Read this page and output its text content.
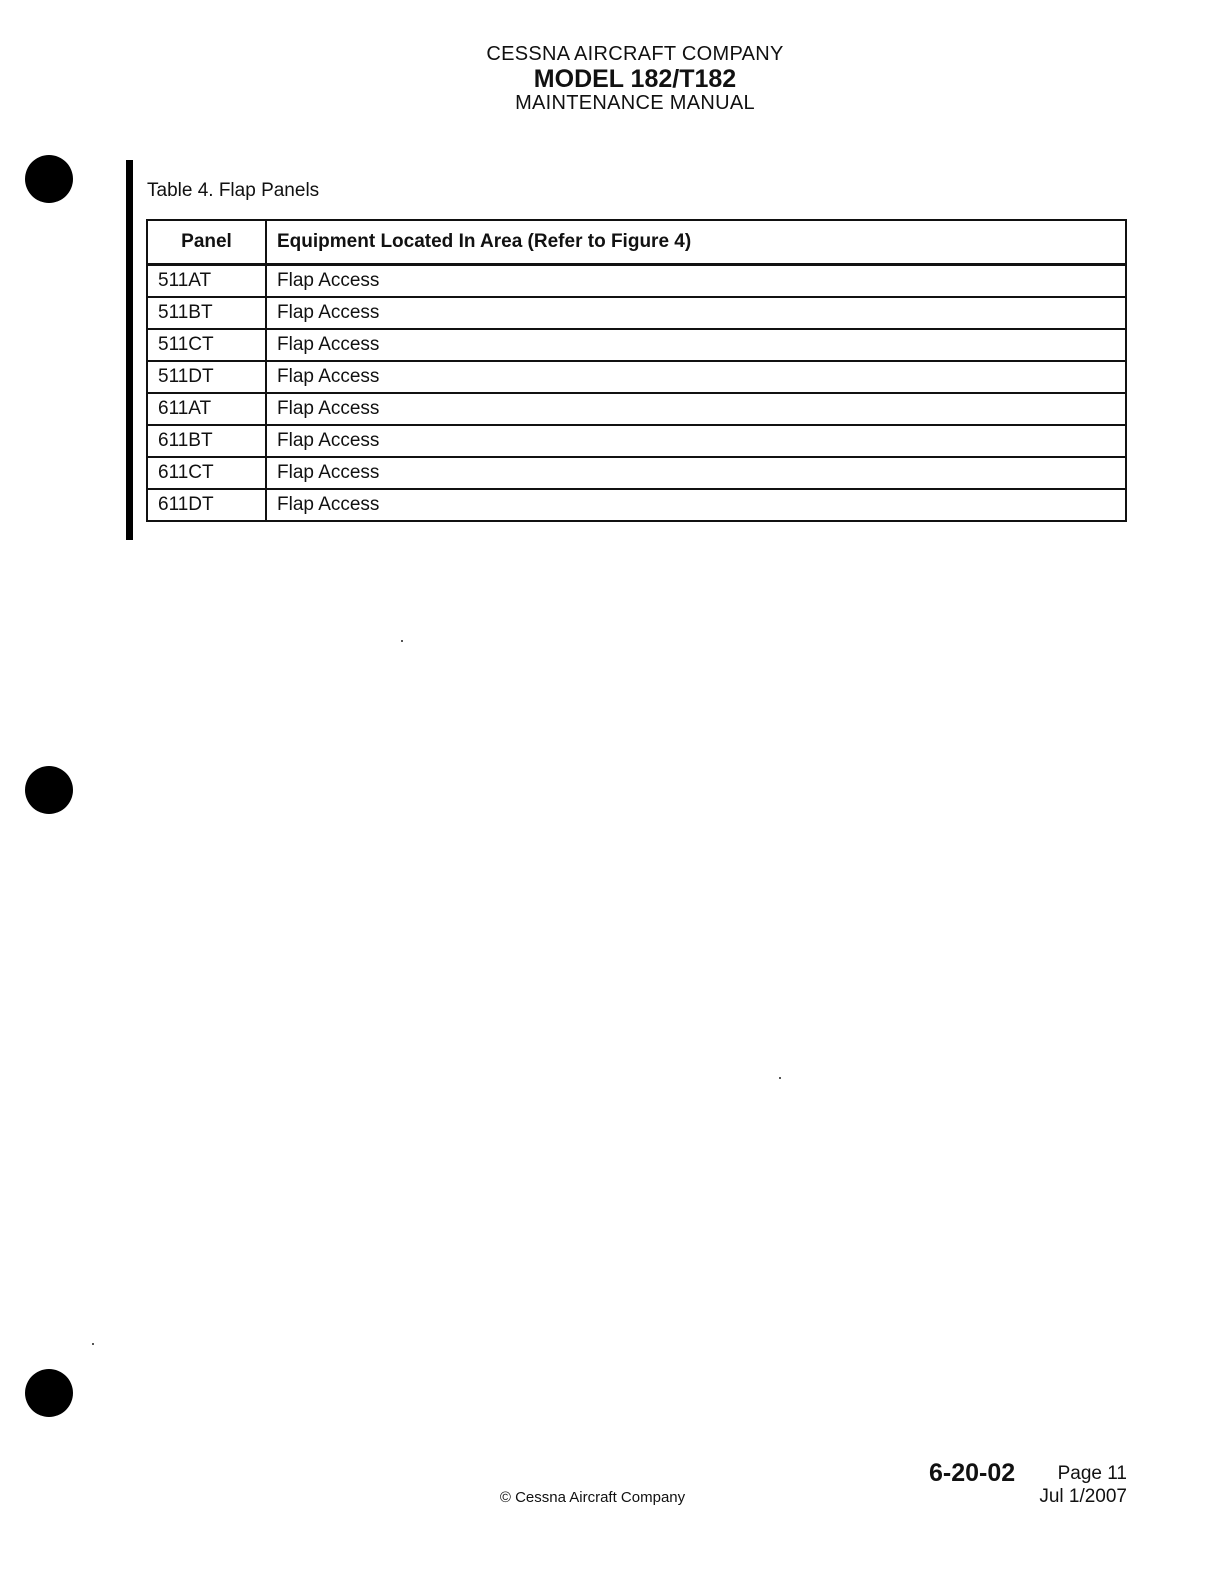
CESSNA AIRCRAFT COMPANY
MODEL 182/T182
MAINTENANCE MANUAL
Table 4. Flap Panels
Panel	Equipment Located In Area (Refer to Figure 4)
511AT	Flap Access
511BT	Flap Access
511CT	Flap Access
511DT	Flap Access
611AT	Flap Access
611BT	Flap Access
611CT	Flap Access
611DT	Flap Access
6-20-02 Page 11
Jul 1/2007
© Cessna Aircraft Company
